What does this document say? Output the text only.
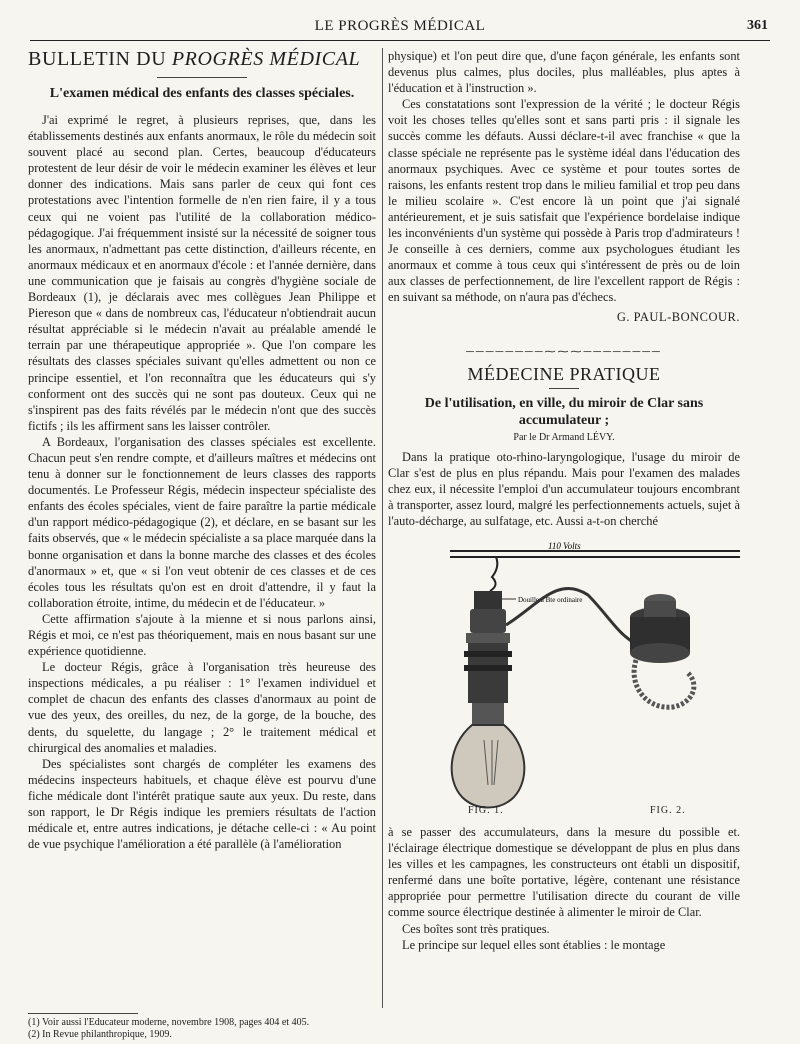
LE PROGRÈS MÉDICAL	361
BULLETIN DU PROGRÈS MÉDICAL
L'examen médical des enfants des classes spéciales.

J'ai exprimé le regret, à plusieurs reprises, que, dans les établissements destinés aux enfants anormaux, le rôle du médecin soit souvent placé au second plan. Certes, beaucoup d'éducateurs protestent de leur désir de voir le médecin examiner les élèves et leur donner des indications. Mais sans parler de ceux qui font ces protestations avec l'intention formelle de n'en rien faire, il y a tous ceux qui ne voient pas l'utilité de la collaboration médico-pédagogique. J'ai fréquemment insisté sur la nécessité de soigner tous les anormaux, n'admettant pas cette distinction, d'ailleurs récente, en anormaux médicaux et en anormaux d'école : et l'année dernière, dans une communication que je faisais au congrès d'hygiène sociale de Bordeaux (1), je déclarais avec mes collègues Jean Philippe et Piereson que « dans de nombreux cas, l'éducateur n'obtiendrait aucun résultat appréciable si le médecin n'avait au préalable amendé le terrain par une thérapeutique appropriée ». Que l'on compare les résultats des classes spéciales suivant qu'elles admettent ou non ce principe essentiel, et l'on reconnaîtra que les éducateurs qui s'y conforment ont des succès qui ne sont pas douteux. Ceux qui ne s'inspirent pas des faits révélés par le médecin n'ont que des succès fictifs ; ils les affirment sans les laisser contrôler.

A Bordeaux, l'organisation des classes spéciales est excellente. Chacun peut s'en rendre compte, et d'ailleurs maîtres et médecins ont tenu à donner sur le fonctionnement de leurs classes des rapports documentés. Le Professeur Régis, médecin inspecteur spécialiste des enfants des écoles spéciales, vient de faire paraître la partie médicale d'un rapport médico-pédagogique (2), et déclare, en se basant sur les faits observés, que « le médecin spécialiste a sa place marquée dans la bonne organisation et dans la bonne marche des classes et des écoles d'anormaux » et, que « si l'on veut obtenir de ces classes et de ces écoles tous les résultats qu'on est en droit d'attendre, il y faut la collaboration étroite, intime, du médecin et de l'éducateur. »

Cette affirmation s'ajoute à la mienne et si nous parlons ainsi, Régis et moi, ce n'est pas théoriquement, mais en nous basant sur une expérience quotidienne.

Le docteur Régis, grâce à l'organisation très heureuse des inspections médicales, a pu réaliser : 1° l'examen individuel et complet de chacun des enfants des classes d'anormaux au point de vue des yeux, des oreilles, du nez, de la gorge, de la bouche, des dents, du squelette, du langage ; 2° le traitement médical et chirurgical des anomalies et maladies.

Des spécialistes sont chargés de compléter les examens des médecins inspecteurs habituels, et chaque élève est pourvu d'une fiche médicale dont l'intérêt pratique saute aux yeux. Du reste, dans son rapport, le Dr Régis indique les premiers résultats de l'action médicale et, entre autres indications, je détache celle-ci : « Au point de vue psychique l'amélioration a été parallèle (à l'amélioration

(1) Voir aussi l'Educateur moderne, novembre 1908, pages 404 et 405.
(2) In Revue philanthropique, 1909.

physique) et l'on peut dire que, d'une façon générale, les enfants sont devenus plus calmes, plus dociles, plus malléables, plus aptes à l'éducation et à l'instruction ».

Ces constatations sont l'expression de la vérité ; le docteur Régis voit les choses telles qu'elles sont et sans parti pris : il signale les succès comme les défauts. Aussi déclare-t-il avec franchise « que la classe spéciale ne représente pas le système idéal dans l'éducation des anormaux psychiques. Avec ce système et pour toutes sortes de raisons, les enfants restent trop dans le milieu familial et trop peu dans le milieu scolaire ». C'est encore là un point que j'ai signalé antérieurement, et je suis satisfait que l'expérience bordelaise indique les inconvénients d'un système qui possède à Paris trop d'admirateurs ! Je conseille à ces derniers, comme aux psychologues étudiant les anormaux et comme à tous ceux qui s'intéressent de près ou de loin aux classes de perfectionnement, de lire l'excellent rapport de Régis : en suivant sa méthode, on n'aura pas d'échecs.

G. PAUL-BONCOUR.
────────⁓⁓⁓────────
MÉDECINE PRATIQUE
De l'utilisation, en ville, du miroir de Clar sans accumulateur ;
Par le Dr Armand LÉVY.

Dans la pratique oto-rhino-laryngologique, l'usage du miroir de Clar s'est de plus en plus répandu. Mais pour l'examen des malades chez eux, il nécessite l'emploi d'un accumulateur toujours encombrant à transporter, assez lourd, malgré les perfectionnements actuels, sujet à l'auto-décharge, au sulfatage, etc. Aussi a-t-on cherché

110 Volts
Douille à Bte ordinaire
FIG. 1.	FIG. 2.

à se passer des accumulateurs, dans la mesure du possible et. l'éclairage électrique domestique se développant de plus en plus dans les villes et les campagnes, les constructeurs ont établi un dispositif, renfermé dans une boîte portative, légère, contenant une résistance appropriée pour permettre l'utilisation directe du courant de ville comme source électrique destinée à alimenter le miroir de Clar.

Ces boîtes sont très pratiques.

Le principe sur lequel elles sont établies : le montage
